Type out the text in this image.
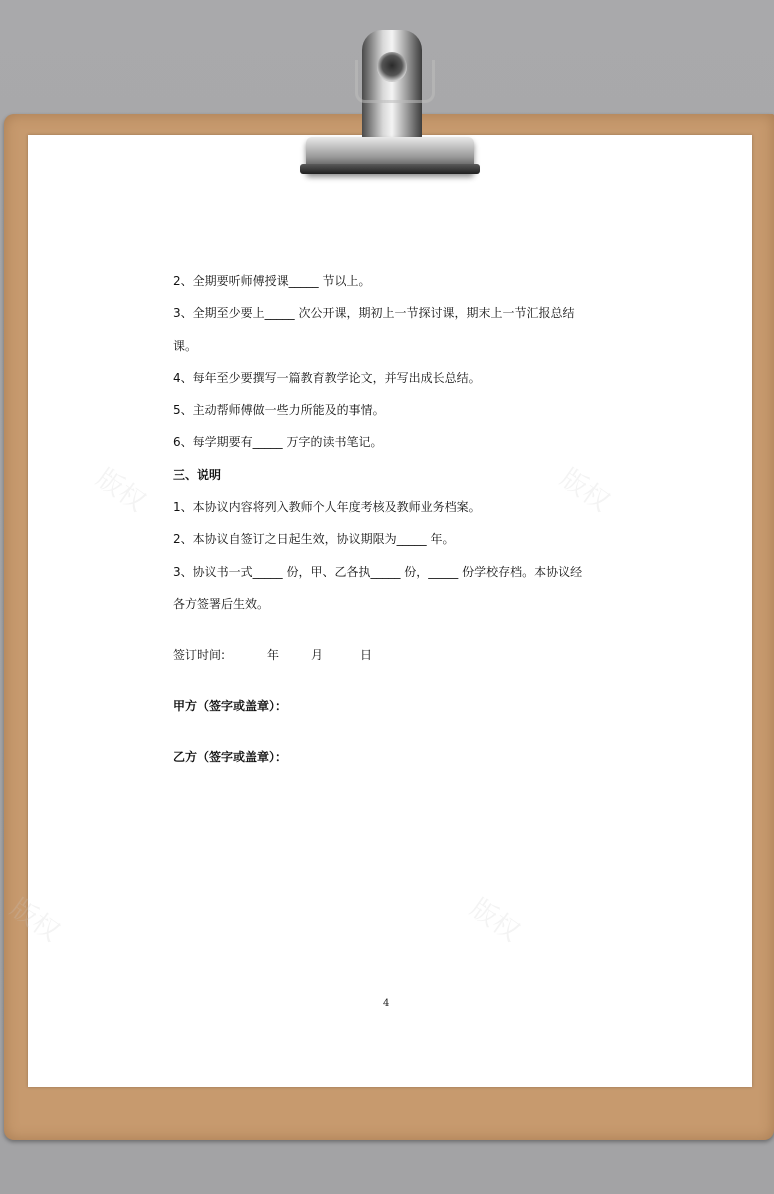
版权	版权
版权	版权
2、全期要听师傅授课_____ 节以上。
3、全期至少要上_____ 次公开课，期初上一节探讨课，期末上一节汇报总结
课。
4、每年至少要撰写一篇教育教学论文，并写出成长总结。
5、主动帮师傅做一些力所能及的事情。
6、每学期要有_____ 万字的读书笔记。
三、说明
1、本协议内容将列入教师个人年度考核及教师业务档案。
2、本协议自签订之日起生效，协议期限为_____ 年。
3、协议书一式_____ 份，甲、乙各执_____ 份，_____ 份学校存档。本协议经
各方签署后生效。
签订时间:	年	月	日
甲方（签字或盖章）：
乙方（签字或盖章）：
4
